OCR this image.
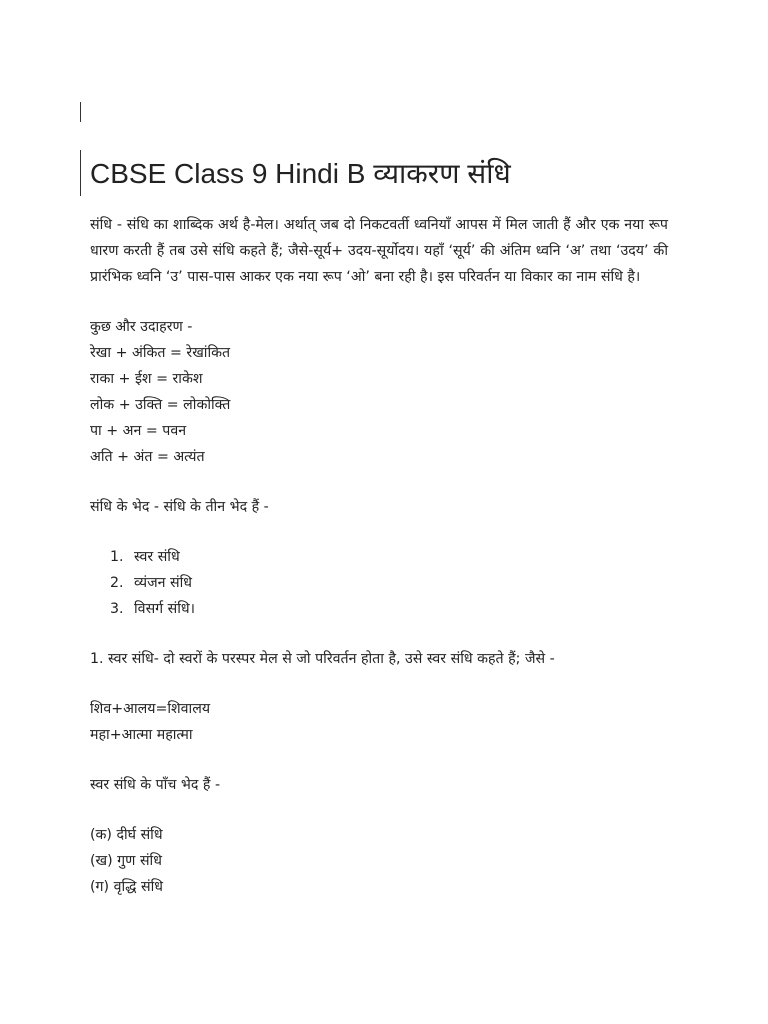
CBSE Class 9 Hindi B व्याकरण संधि

संधि - संधि का शाब्दिक अर्थ है-मेल। अर्थात् जब दो निकटवर्ती ध्वनियाँ आपस में मिल जाती हैं और एक नया रूप धारण करती हैं तब उसे संधि कहते हैं; जैसे-सूर्य+ उदय-सूर्योदय। यहाँ ‘सूर्य’ की अंतिम ध्वनि ‘अ’ तथा ‘उदय’ की प्रारंभिक ध्वनि ‘उ’ पास-पास आकर एक नया रूप ‘ओ’ बना रही है। इस परिवर्तन या विकार का नाम संधि है।

कुछ और उदाहरण -
रेखा + अंकित = रेखांकित
राका + ईश = राकेश
लोक + उक्ति = लोकोक्ति
पा + अन = पवन
अति + अंत = अत्यंत
संधि के भेद - संधि के तीन भेद हैं -
1. स्वर संधि
2. व्यंजन संधि
3. विसर्ग संधि।
1. स्वर संधि- दो स्वरों के परस्पर मेल से जो परिवर्तन होता है, उसे स्वर संधि कहते हैं; जैसे -
शिव+आलय=शिवालय
महा+आत्मा महात्मा
स्वर संधि के पाँच भेद हैं -
(क) दीर्घ संधि
(ख) गुण संधि
(ग) वृद्धि संधि
